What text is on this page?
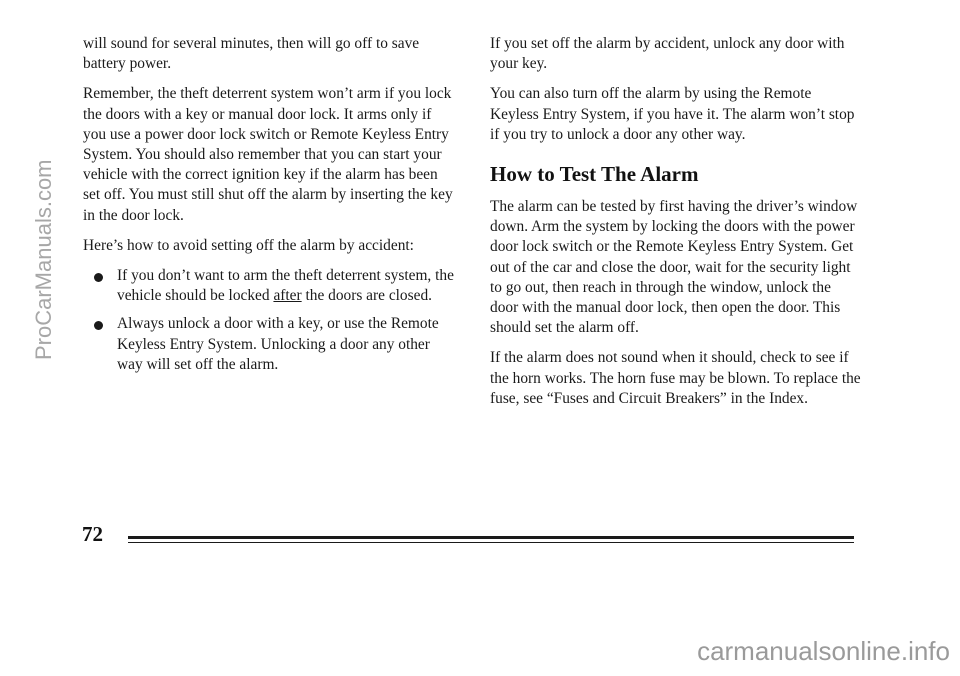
will sound for several minutes, then will go off to save battery power.

Remember, the theft deterrent system won’t arm if you lock the doors with a key or manual door lock. It arms only if you use a power door lock switch or Remote Keyless Entry System. You should also remember that you can start your vehicle with the correct ignition key if the alarm has been set off. You must still shut off the alarm by inserting the key in the door lock.

Here’s how to avoid setting off the alarm by accident:

If you don’t want to arm the theft deterrent system, the vehicle should be locked after the doors are closed.
Always unlock a door with a key, or use the Remote Keyless Entry System. Unlocking a door any other way will set off the alarm.

If you set off the alarm by accident, unlock any door with your key.

You can also turn off the alarm by using the Remote Keyless Entry System, if you have it. The alarm won’t stop if you try to unlock a door any other way.

How to Test The Alarm

The alarm can be tested by first having the driver’s window down. Arm the system by locking the doors with the power door lock switch or the Remote Keyless Entry System. Get out of the car and close the door, wait for the security light to go out, then reach in through the window, unlock the door with the manual door lock, then open the door. This should set the alarm off.

If the alarm does not sound when it should, check to see if the horn works. The horn fuse may be blown. To replace the fuse, see “Fuses and Circuit Breakers” in the Index.

72
ProCarManuals.com
carmanualsonline.info
